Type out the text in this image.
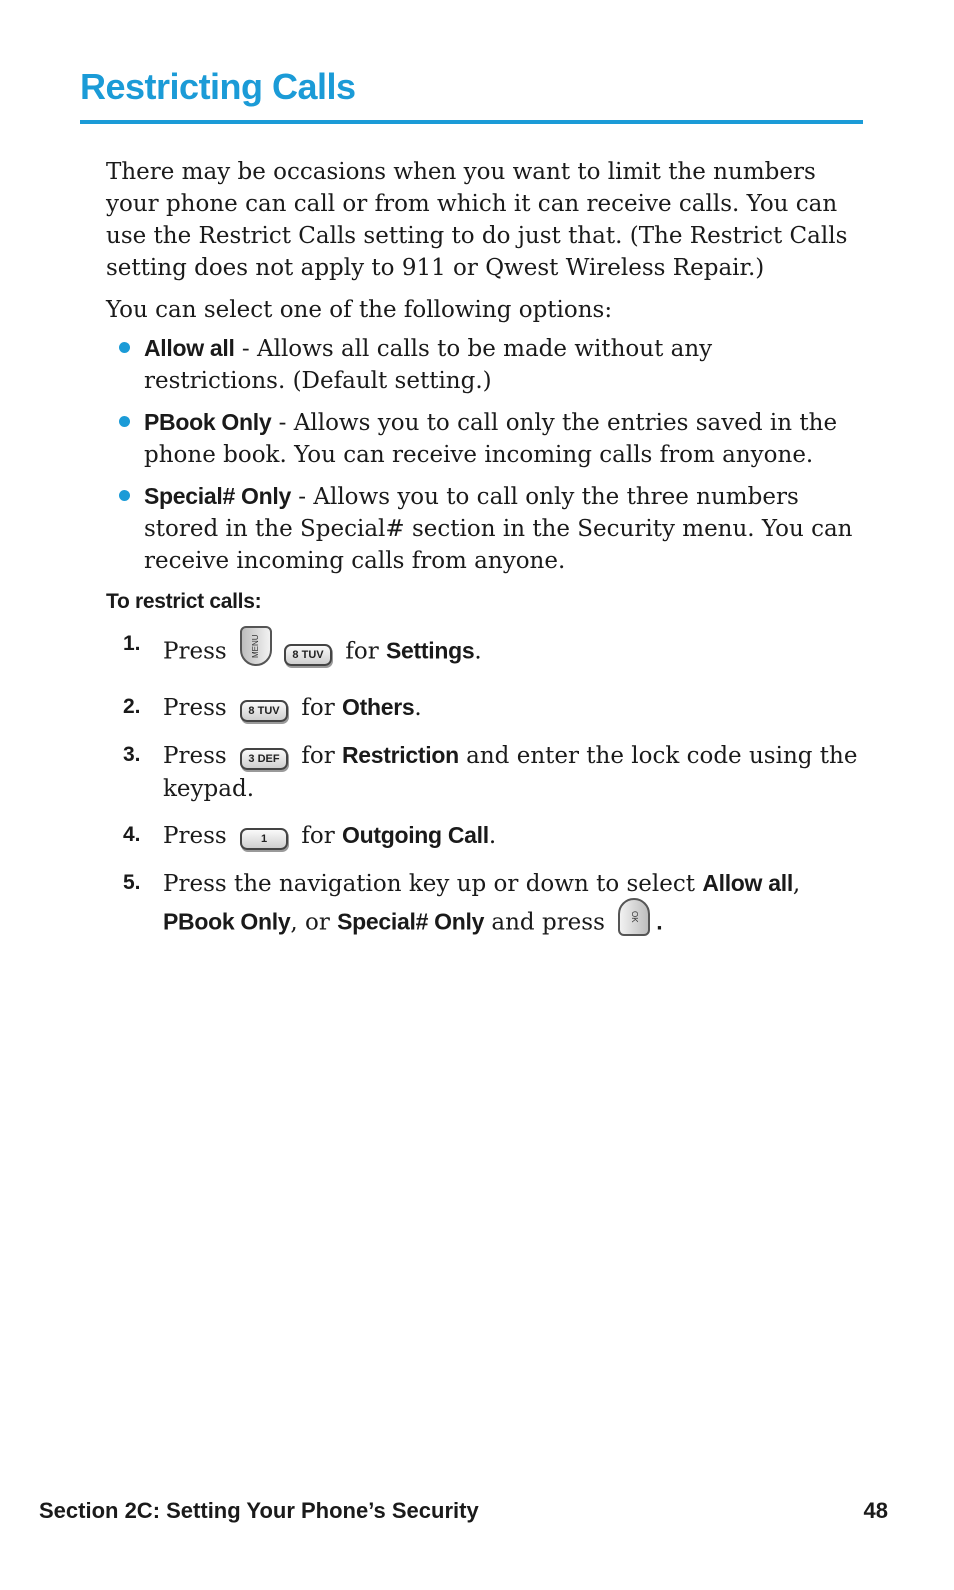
Restricting Calls

There may be occasions when you want to limit the numbers your phone can call or from which it can receive calls. You can use the Restrict Calls setting to do just that. (The Restrict Calls setting does not apply to 911 or Qwest Wireless Repair.)

You can select one of the following options:

Allow all - Allows all calls to be made without any restrictions. (Default setting.)
PBook Only - Allows you to call only the entries saved in the phone book. You can receive incoming calls from anyone.
Special# Only - Allows you to call only the three numbers stored in the Special# section in the Security menu. You can receive incoming calls from anyone.
To restrict calls:
1. Press	MENU	8 TUV for Settings.
2. Press 8 TUV for Others.
3. Press 3 DEF for Restriction and enter the lock code using the keypad.
4. Press	1 for Outgoing Call.
5. Press the navigation key up or down to select Allow all, PBook Only, or Special# Only and press OK .
Section 2C: Setting Your Phone’s Security	48
